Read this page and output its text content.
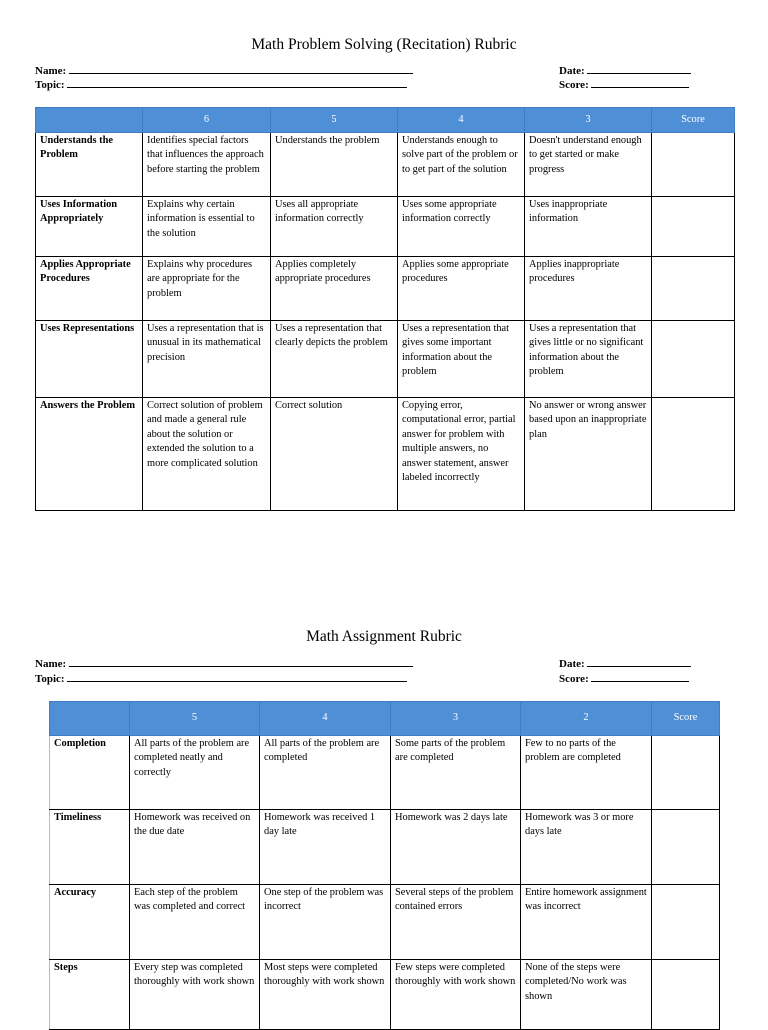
Math Problem Solving (Recitation) Rubric
Name:
Topic:
Date:
Score:
	6	5	4	3	Score
Understands the Problem	Identifies special factors that influences the approach before starting the problem	Understands the problem	Understands enough to solve part of the problem or to get part of the solution	Doesn't understand enough to get started or make progress	
Uses Information Appropriately	Explains why certain information is essential to the solution	Uses all appropriate information correctly	Uses some appropriate information correctly	Uses inappropriate information	
Applies Appropriate Procedures	Explains why procedures are appropriate for the problem	Applies completely appropriate procedures	Applies some appropriate procedures	Applies inappropriate procedures	
Uses Representations	Uses a representation that is unusual in its mathematical precision	Uses a representation that clearly depicts the problem	Uses a representation that gives some important information about the problem	Uses a representation that gives little or no significant information about the problem	
Answers the Problem	Correct solution of problem and made a general rule about the solution or extended the solution to a more complicated solution	Correct solution	Copying error, computational error, partial answer for problem with multiple answers, no answer statement, answer labeled incorrectly	No answer or wrong answer based upon an inappropriate plan	
Math Assignment Rubric
Name:
Topic:
Date:
Score:
	5	4	3	2	Score
Completion	All parts of the problem are completed neatly and correctly	All parts of the problem are completed	Some parts of the problem are completed	Few to no parts of the problem are completed	
Timeliness	Homework was received on the due date	Homework was received 1 day late	Homework was 2 days late	Homework was 3 or more days late	
Accuracy	Each step of the problem was completed and correct	One step of the problem was incorrect	Several steps of the problem contained errors	Entire homework assignment was incorrect	
Steps	Every step was completed thoroughly with work shown	Most steps were completed thoroughly with work shown	Few steps were completed thoroughly with work shown	None of the steps were completed/No work was shown	
